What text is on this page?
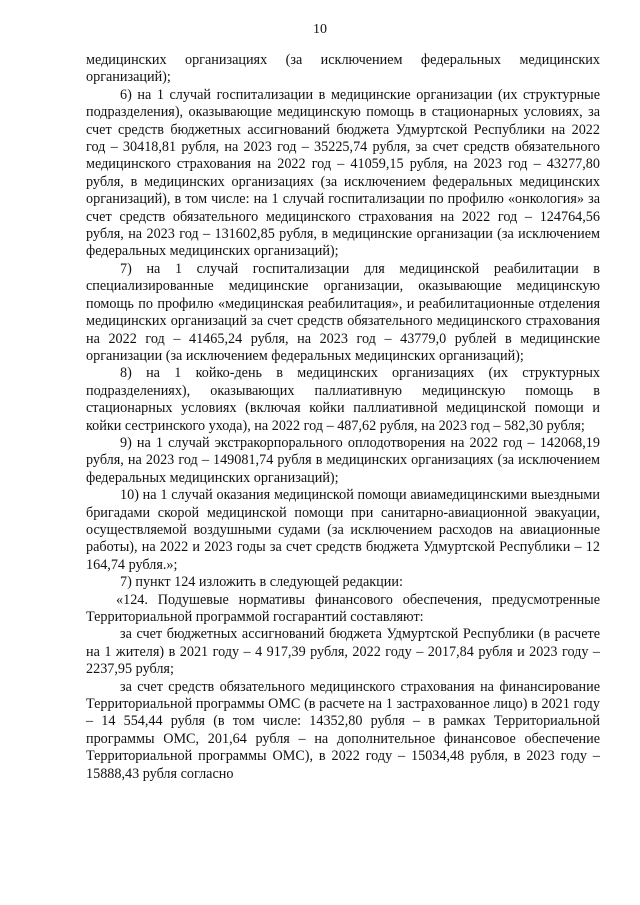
10

медицинских организациях (за исключением федеральных медицинских организаций);

6) на 1 случай госпитализации в медицинские организации (их структурные подразделения), оказывающие медицинскую помощь в стационарных условиях, за счет средств бюджетных ассигнований бюджета Удмуртской Республики на 2022 год – 30418,81 рубля, на 2023 год – 35225,74 рубля, за счет средств обязательного медицинского страхования на 2022 год – 41059,15 рубля, на 2023 год – 43277,80 рубля, в медицинских организациях (за исключением федеральных медицинских организаций), в том числе: на 1 случай госпитализации по профилю «онкология» за счет средств обязательного медицинского страхования на 2022 год – 124764,56 рубля, на 2023 год – 131602,85 рубля, в медицинские организации (за исключением федеральных медицинских организаций);

7) на 1 случай госпитализации для медицинской реабилитации в специализированные медицинские организации, оказывающие медицинскую помощь по профилю «медицинская реабилитация», и реабилитационные отделения медицинских организаций за счет средств обязательного медицинского страхования на 2022 год – 41465,24 рубля, на 2023 год – 43779,0 рублей в медицинские организации (за исключением федеральных медицинских организаций);

8) на 1 койко-день в медицинских организациях (их структурных подразделениях), оказывающих паллиативную медицинскую помощь в стационарных условиях (включая койки паллиативной медицинской помощи и койки сестринского ухода), на 2022 год – 487,62 рубля, на 2023 год – 582,30 рубля;

9) на 1 случай экстракорпорального оплодотворения на 2022 год – 142068,19 рубля, на 2023 год – 149081,74 рубля в медицинских организациях (за исключением федеральных медицинских организаций);

10) на 1 случай оказания медицинской помощи авиамедицинскими выездными бригадами скорой медицинской помощи при санитарно-авиационной эвакуации, осуществляемой воздушными судами (за исключением расходов на авиационные работы), на 2022 и 2023 годы за счет средств бюджета Удмуртской Республики – 12 164,74 рубля.»;

7) пункт 124 изложить в следующей редакции:

«124. Подушевые нормативы финансового обеспечения, предусмотренные Территориальной программой госгарантий составляют:

за счет бюджетных ассигнований бюджета Удмуртской Республики (в расчете на 1 жителя) в 2021 году – 4 917,39 рубля, 2022 году – 2017,84 рубля и 2023 году – 2237,95 рубля;

за счет средств обязательного медицинского страхования на финансирование Территориальной программы ОМС (в расчете на 1 застрахованное лицо) в 2021 году – 14 554,44 рубля (в том числе: 14352,80 рубля – в рамках Территориальной программы ОМС, 201,64 рубля – на дополнительное финансовое обеспечение Территориальной программы ОМС), в 2022 году – 15034,48 рубля, в 2023 году – 15888,43 рубля согласно
